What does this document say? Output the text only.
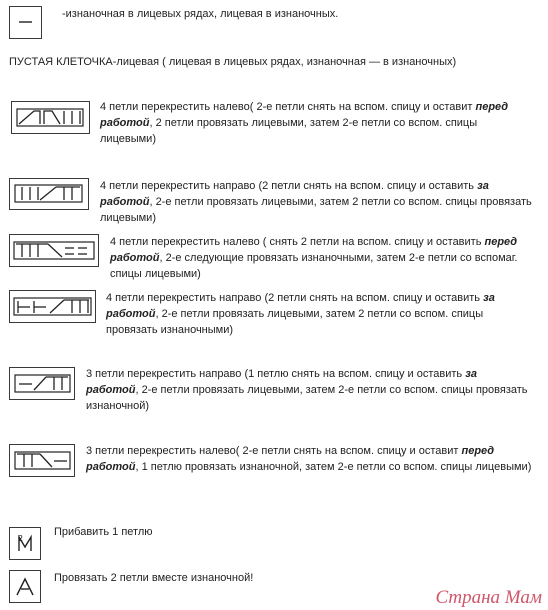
-изнаночная в лицевых рядах, лицевая в изнаночных.
ПУСТАЯ КЛЕТОЧКА-лицевая ( лицевая в лицевых рядах, изнаночная — в изнаночных)
4 петли перекрестить налево( 2-е петли снять на вспом. спицу и оставит перед работой, 2 петли провязать лицевыми, затем 2-е петли со вспом. спицы лицевыми)
4 петли перекрестить направо (2 петли снять на вспом. спицу и оставить за работой, 2-е петли провязать лицевыми, затем 2 петли со вспом. спицы провязать лицевыми)
4 петли перекрестить налево ( снять 2 петли на вспом. спицу и оставить перед работой, 2-е следующие провязать изнаночными, затем 2-е петли со вспомаг. спицы лицевыми)
4 петли перекрестить направо (2 петли снять на вспом. спицу и оставить за работой, 2-е петли провязать лицевыми, затем 2 петли со вспом. спицы провязать изнаночными)
3 петли перекрестить направо (1 петлю снять на вспом. спицу и оставить за работой, 2-е петли провязать лицевыми, затем 2-е петли со вспом. спицы провязать изнаночной)
3 петли перекрестить налево( 2-е петли снять на вспом. спицу и оставит перед работой, 1 петлю провязать изнаночной, затем 2-е петли со вспом. спицы лицевыми)
2
Прибавить 1 петлю
Провязать 2 петли вместе изнаночной!
Страна Мам
